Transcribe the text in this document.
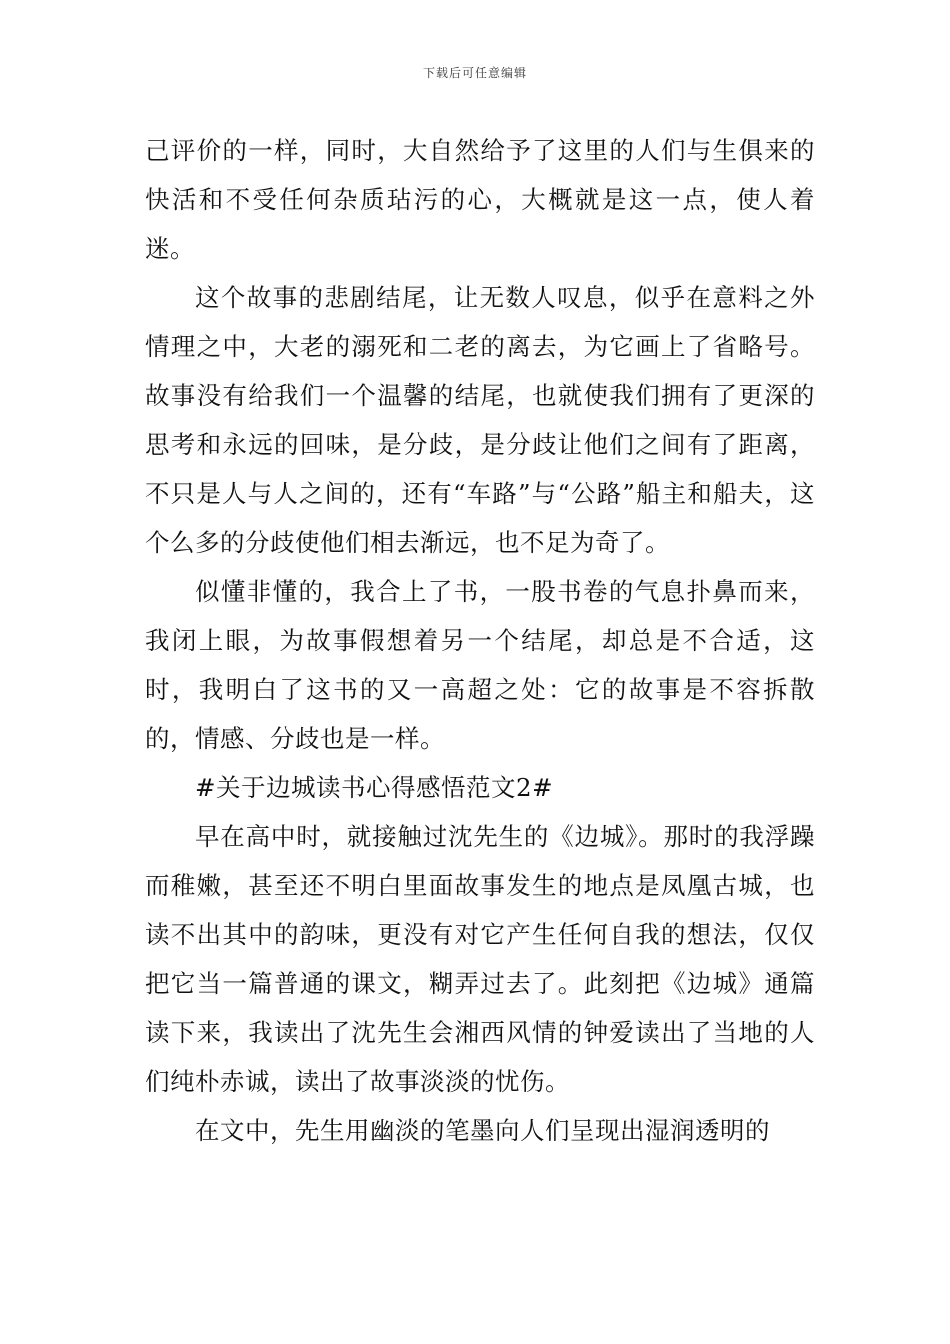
下载后可任意编辑

己评价的一样，同时，大自然给予了这里的人们与生俱来的快活和不受任何杂质玷污的心，大概就是这一点，使人着迷。

这个故事的悲剧结尾，让无数人叹息，似乎在意料之外情理之中，大老的溺死和二老的离去，为它画上了省略号。故事没有给我们一个温馨的结尾，也就使我们拥有了更深的思考和永远的回味，是分歧，是分歧让他们之间有了距离，不只是人与人之间的，还有“车路”与“公路”船主和船夫，这个么多的分歧使他们相去渐远，也不足为奇了。

似懂非懂的，我合上了书，一股书卷的气息扑鼻而来，我闭上眼，为故事假想着另一个结尾，却总是不合适，这时，我明白了这书的又一高超之处：它的故事是不容拆散的，情感、分歧也是一样。

#关于边城读书心得感悟范文2#

早在高中时，就接触过沈先生的《边城》。那时的我浮躁而稚嫩，甚至还不明白里面故事发生的地点是凤凰古城，也读不出其中的韵味，更没有对它产生任何自我的想法，仅仅把它当一篇普通的课文，糊弄过去了。此刻把《边城》通篇读下来，我读出了沈先生会湘西风情的钟爱读出了当地的人们纯朴赤诚，读出了故事淡淡的忧伤。

在文中，先生用幽淡的笔墨向人们呈现出湿润透明的
